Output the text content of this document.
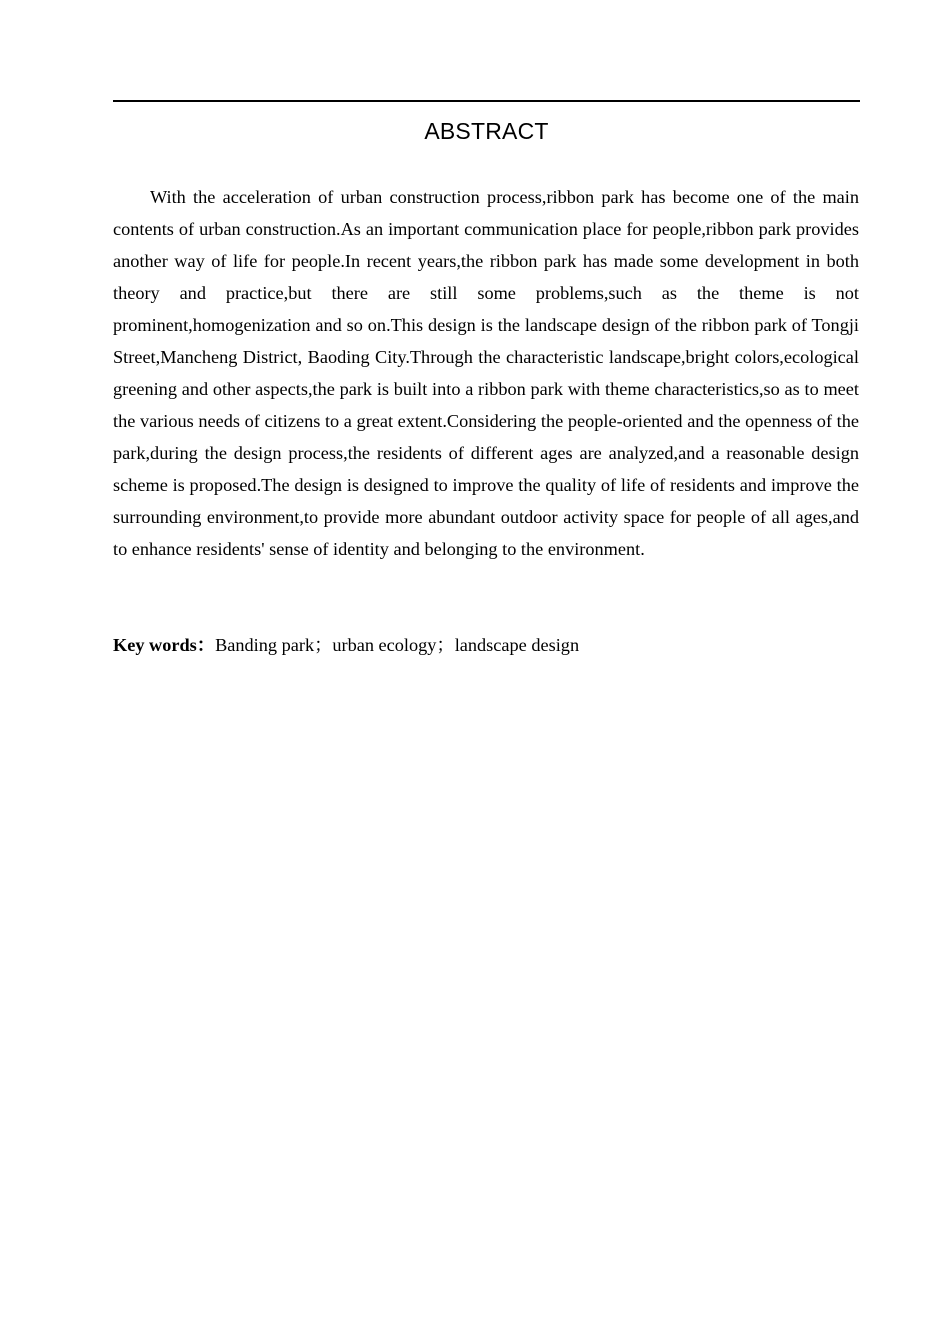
ABSTRACT

With the acceleration of urban construction process,ribbon park has become one of the main contents of urban construction.As an important communication place for people,ribbon park provides another way of life for people.In recent years,the ribbon park has made some development in both theory and practice,but there are still some problems,such as the theme is not prominent,homogenization and so on.This design is the landscape design of the ribbon park of Tongji Street,Mancheng District, Baoding City.Through the characteristic landscape,bright colors,ecological greening and other aspects,the park is built into a ribbon park with theme characteristics,so as to meet the various needs of citizens to a great extent.Considering the people-oriented and the openness of the park,during the design process,the residents of different ages are analyzed,and a reasonable design scheme is proposed.The design is designed to improve the quality of life of residents and improve the surrounding environment,to provide more abundant outdoor activity space for people of all ages,and to enhance residents' sense of identity and belonging to the environment.

Key words：Banding park；urban ecology；landscape design
